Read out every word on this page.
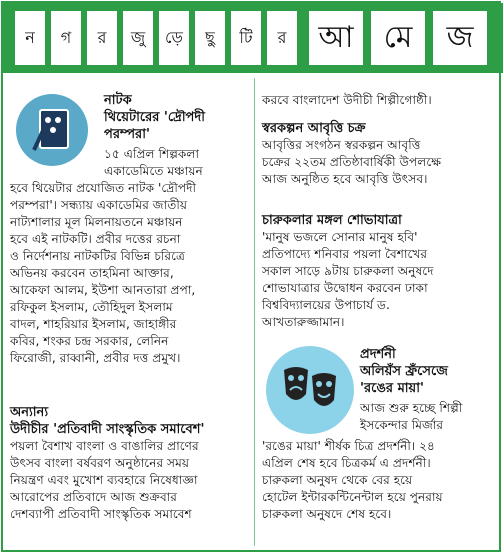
ন	গ	র	জু	ড়ে	ছু	টি	র	আ	মে	জ
নাটক
থিয়েটারের 'দ্রৌপদী পরম্পরা'
১৫ এপ্রিল শিল্পকলা
একাডেমিতে মঞ্চায়ন
হবে থিয়েটার প্রযোজিত নাটক 'দ্রৌপদী
পরম্পরা'। সন্ধ্যায় একাডেমির জাতীয়
নাট্যশালার মূল মিলনায়তনে মঞ্চায়ন
হবে এই নাটকটি। প্রবীর দত্তের রচনা
ও নির্দেশনায় নাটকটির বিভিন্ন চরিত্রে
অভিনয় করবেন তাহমিনা আক্তার,
আকেফা আলম, ইউশা আনতারা প্রপা,
রফিকুল ইসলাম, তৌহিদুল ইসলাম
বাদল, শাহরিয়ার ইসলাম, জাহাঙ্গীর
কবির, শংকর চন্দ্র সরকার, লেনিন
ফিরোজী, রাব্বানী, প্রবীর দত্ত প্রমুখ।
অন্যান্য
উদীচীর 'প্রতিবাদী সাংস্কৃতিক সমাবেশ'
পয়লা বৈশাখ বাংলা ও বাঙালির প্রাণের
উৎসব বাংলা বর্ষবরণ অনুষ্ঠানের সময়
নিয়ন্ত্রণ এবং মুখোশ ব্যবহারে নিষেধাজ্ঞা
আরোপের প্রতিবাদে আজ শুক্রবার
দেশব্যাপী প্রতিবাদী সাংস্কৃতিক সমাবেশ
করবে বাংলাদেশ উদীচী শিল্পীগোষ্ঠী।
স্বরকল্পন আবৃত্তি চক্র
আবৃত্তির সংগঠন স্বরকল্পন আবৃত্তি
চক্রের ২২তম প্রতিষ্ঠাবার্ষিকী উপলক্ষে
আজ অনুষ্ঠিত হবে আবৃত্তি উৎসব।
চারুকলার মঙ্গল শোভাযাত্রা
'মানুষ ভজলে সোনার মানুষ হবি'
প্রতিপাদ্যে শনিবার পয়লা বৈশাখের
সকাল সাড়ে ৯টায় চারুকলা অনুষদে
শোভাযাত্রার উদ্বোধন করবেন ঢাকা
বিশ্ববিদ্যালয়ের উপাচার্য ড.
আখতারুজ্জামান।
প্রদর্শনী
অলিয়ঁস ফ্রঁসেজে
'রঙের মায়া'
আজ শুরু হচ্ছে শিল্পী
ইসকেন্দার মির্জার
'রঙের মায়া' শীর্ষক চিত্র প্রদর্শনী। ২৪
এপ্রিল শেষ হবে চিত্রকর্ম এ প্রদর্শনী।
চারুকলা অনুষদ থেকে বের হয়ে
হোটেল ইন্টারকন্টিনেন্টাল হয়ে পুনরায়
চারুকলা অনুষদে শেষ হবে।
